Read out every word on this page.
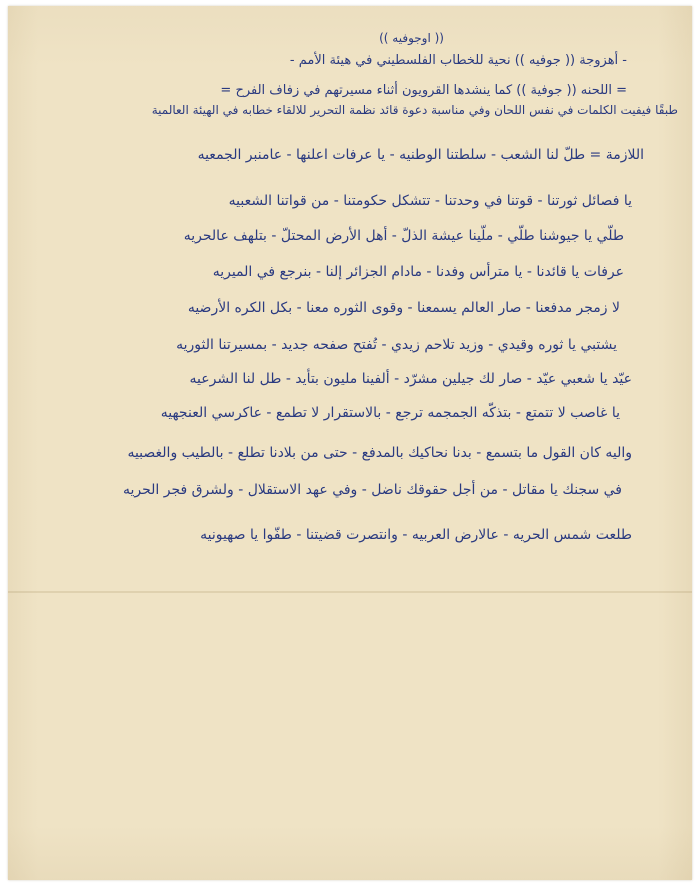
(( اوجوفيه ))
- أهزوجة (( جوفيه )) نحية للخطاب الفلسطيني في هيئة الأمم -
= اللحنه (( جوفية )) كما ينشدها القرويون أثناء مسيرتهم في زفاف الفرح =
طبقًا فيفيت الكلمات في نفس اللحان وفي مناسبة دعوة قائد نظمة التحرير للالقاء خطابه في الهيئة العالمية
اللازمة = طلّ لنا الشعب - سلطتنا الوطنيه - يا عرفات اعلنها - عامنبر الجمعيه
يا فصائل ثورتنا - قوتنا في وحدتنا - تتشكل حكومتنا - من قواتنا الشعبيه
طلّي يا جيوشنا طلّي - ملّينا عيشة الذلّ - أهل الأرض المحتلّ - بتلهف عالحريه
عرفات يا قائدنا - يا مترأس وفدنا - مادام الجزائر إلنا - بنرجع في الميريه
لا زمجر مدفعنا - صار العالم يسمعنا - وقوى الثوره معنا - بكل الكره الأرضيه
يشتبي يا ثوره وقيدي - وزيد تلاحم زيدي - تُفتح صفحه جديد - بمسيرتنا الثوريه
عيّد يا شعبي عيّد - صار لك جيلين مشرّد - ألفينا مليون بتأيد - طل لنا الشرعيه
يا غاصب لا تتمتع - بتذكّه الجمجمه ترجع - بالاستقرار لا تطمع - عاكرسي العنجهيه
واليه كان القول ما بتسمع - بدنا نحاكيك بالمدفع - حتى من بلادنا تطلع - بالطيب والغصبيه
في سجنك يا مقاتل - من أجل حقوقك ناضل - وفي عهد الاستقلال - ولشرق فجر الحريه
طلعت شمس الحريه - عالارض العربيه - وانتصرت قضيتنا - طفّوا يا صهيونيه
